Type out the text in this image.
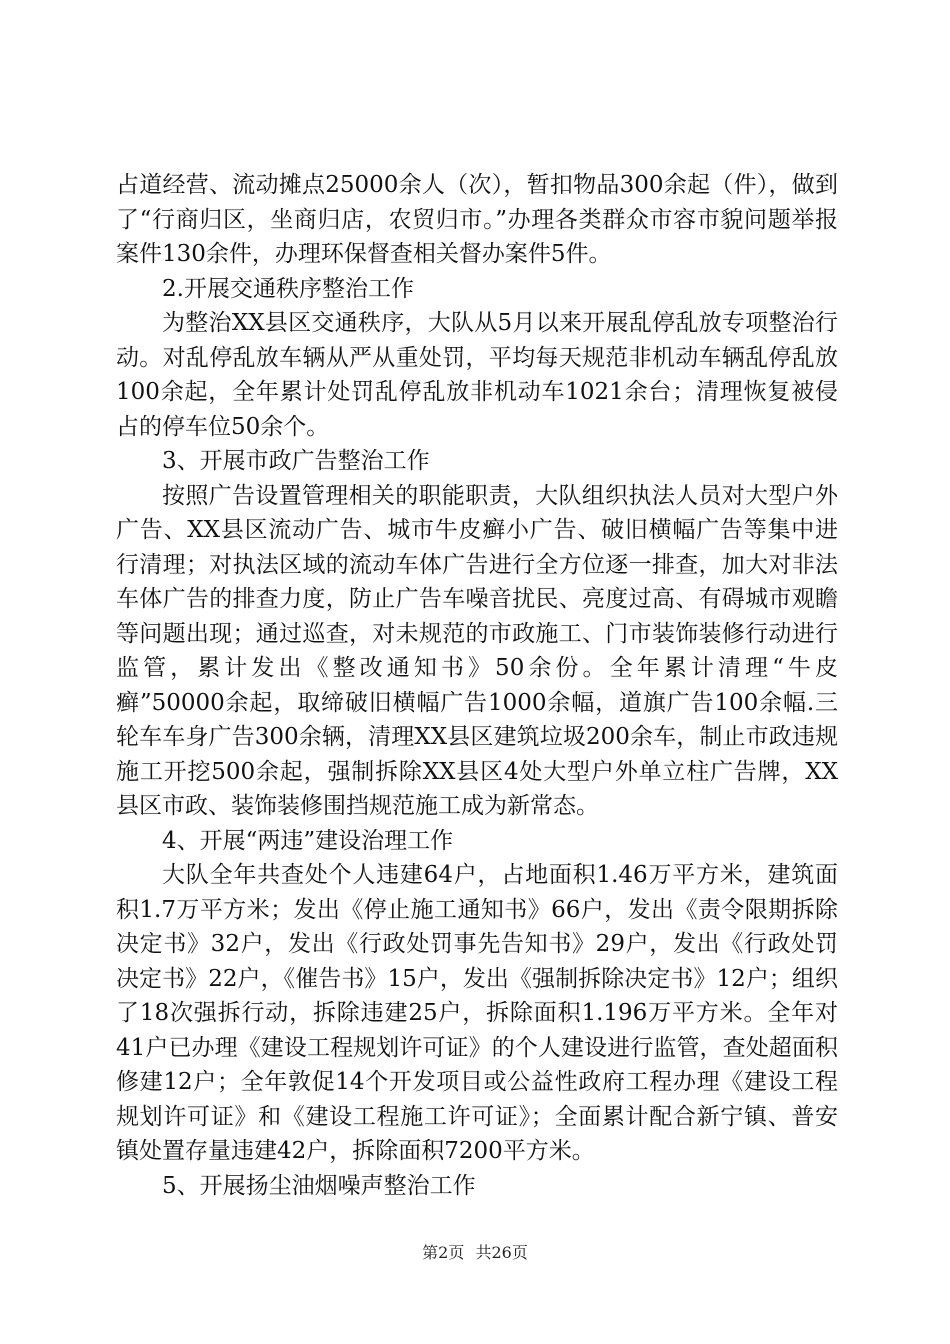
占道经营、流动摊点25000余人（次），暂扣物品300余起（件），做到了“行商归区，坐商归店，农贸归市。”办理各类群众市容市貌问题举报案件130余件，办理环保督查相关督办案件5件。

2.开展交通秩序整治工作

为整治XX县区交通秩序，大队从5月以来开展乱停乱放专项整治行动。对乱停乱放车辆从严从重处罚，平均每天规范非机动车辆乱停乱放100余起，全年累计处罚乱停乱放非机动车1021余台；清理恢复被侵占的停车位50余个。

3、开展市政广告整治工作

按照广告设置管理相关的职能职责，大队组织执法人员对大型户外广告、XX县区流动广告、城市牛皮癣小广告、破旧横幅广告等集中进行清理；对执法区域的流动车体广告进行全方位逐一排查，加大对非法车体广告的排查力度，防止广告车噪音扰民、亮度过高、有碍城市观瞻等问题出现；通过巡查，对未规范的市政施工、门市装饰装修行动进行监管，累计发出《整改通知书》50余份。全年累计清理“牛皮癣”50000余起，取缔破旧横幅广告1000余幅，道旗广告100余幅.三轮车车身广告300余辆，清理XX县区建筑垃圾200余车，制止市政违规施工开挖500余起，强制拆除XX县区4处大型户外单立柱广告牌，XX县区市政、装饰装修围挡规范施工成为新常态。

4、开展“两违”建设治理工作

大队全年共查处个人违建64户，占地面积1.46万平方米，建筑面积1.7万平方米；发出《停止施工通知书》66户，发出《责令限期拆除决定书》32户，发出《行政处罚事先告知书》29户，发出《行政处罚决定书》22户，《催告书》15户，发出《强制拆除决定书》12户；组织了18次强拆行动，拆除违建25户，拆除面积1.196万平方米。全年对41户已办理《建设工程规划许可证》的个人建设进行监管，查处超面积修建12户；全年敦促14个开发项目或公益性政府工程办理《建设工程规划许可证》和《建设工程施工许可证》；全面累计配合新宁镇、普安镇处置存量违建42户，拆除面积7200平方米。

5、开展扬尘油烟噪声整治工作

第2页 共26页
